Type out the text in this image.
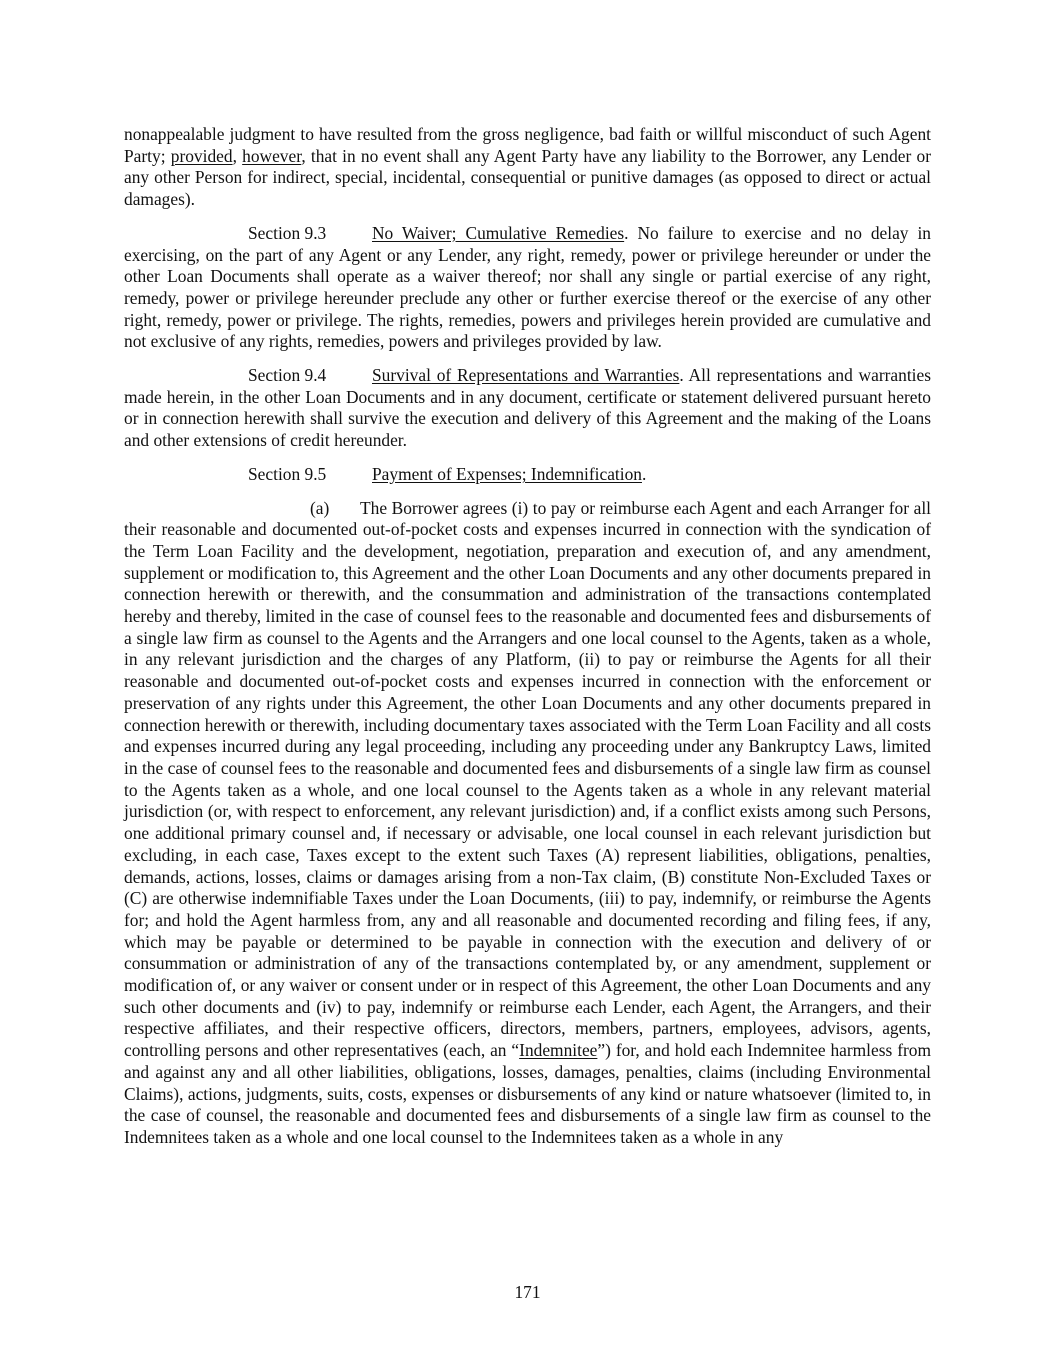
nonappealable judgment to have resulted from the gross negligence, bad faith or willful misconduct of such Agent Party; provided, however, that in no event shall any Agent Party have any liability to the Borrower, any Lender or any other Person for indirect, special, incidental, consequential or punitive damages (as opposed to direct or actual damages).

Section 9.3	No Waiver; Cumulative Remedies. No failure to exercise and no delay in exercising, on the part of any Agent or any Lender, any right, remedy, power or privilege hereunder or under the other Loan Documents shall operate as a waiver thereof; nor shall any single or partial exercise of any right, remedy, power or privilege hereunder preclude any other or further exercise thereof or the exercise of any other right, remedy, power or privilege. The rights, remedies, powers and privileges herein provided are cumulative and not exclusive of any rights, remedies, powers and privileges provided by law.

Section 9.4	Survival of Representations and Warranties. All representations and warranties made herein, in the other Loan Documents and in any document, certificate or statement delivered pursuant hereto or in connection herewith shall survive the execution and delivery of this Agreement and the making of the Loans and other extensions of credit hereunder.

Section 9.5	Payment of Expenses; Indemnification.

(a) The Borrower agrees (i) to pay or reimburse each Agent and each Arranger for all their reasonable and documented out-of-pocket costs and expenses incurred in connection with the syndication of the Term Loan Facility and the development, negotiation, preparation and execution of, and any amendment, supplement or modification to, this Agreement and the other Loan Documents and any other documents prepared in connection herewith or therewith, and the consummation and administration of the transactions contemplated hereby and thereby, limited in the case of counsel fees to the reasonable and documented fees and disbursements of a single law firm as counsel to the Agents and the Arrangers and one local counsel to the Agents, taken as a whole, in any relevant jurisdiction and the charges of any Platform, (ii) to pay or reimburse the Agents for all their reasonable and documented out-of-pocket costs and expenses incurred in connection with the enforcement or preservation of any rights under this Agreement, the other Loan Documents and any other documents prepared in connection herewith or therewith, including documentary taxes associated with the Term Loan Facility and all costs and expenses incurred during any legal proceeding, including any proceeding under any Bankruptcy Laws, limited in the case of counsel fees to the reasonable and documented fees and disbursements of a single law firm as counsel to the Agents taken as a whole, and one local counsel to the Agents taken as a whole in any relevant material jurisdiction (or, with respect to enforcement, any relevant jurisdiction) and, if a conflict exists among such Persons, one additional primary counsel and, if necessary or advisable, one local counsel in each relevant jurisdiction but excluding, in each case, Taxes except to the extent such Taxes (A) represent liabilities, obligations, penalties, demands, actions, losses, claims or damages arising from a non-Tax claim, (B) constitute Non-Excluded Taxes or (C) are otherwise indemnifiable Taxes under the Loan Documents, (iii) to pay, indemnify, or reimburse the Agents for; and hold the Agent harmless from, any and all reasonable and documented recording and filing fees, if any, which may be payable or determined to be payable in connection with the execution and delivery of or consummation or administration of any of the transactions contemplated by, or any amendment, supplement or modification of, or any waiver or consent under or in respect of this Agreement, the other Loan Documents and any such other documents and (iv) to pay, indemnify or reimburse each Lender, each Agent, the Arrangers, and their respective affiliates, and their respective officers, directors, members, partners, employees, advisors, agents, controlling persons and other representatives (each, an “Indemnitee”) for, and hold each Indemnitee harmless from and against any and all other liabilities, obligations, losses, damages, penalties, claims (including Environmental Claims), actions, judgments, suits, costs, expenses or disbursements of any kind or nature whatsoever (limited to, in the case of counsel, the reasonable and documented fees and disbursements of a single law firm as counsel to the Indemnitees taken as a whole and one local counsel to the Indemnitees taken as a whole in any

171
